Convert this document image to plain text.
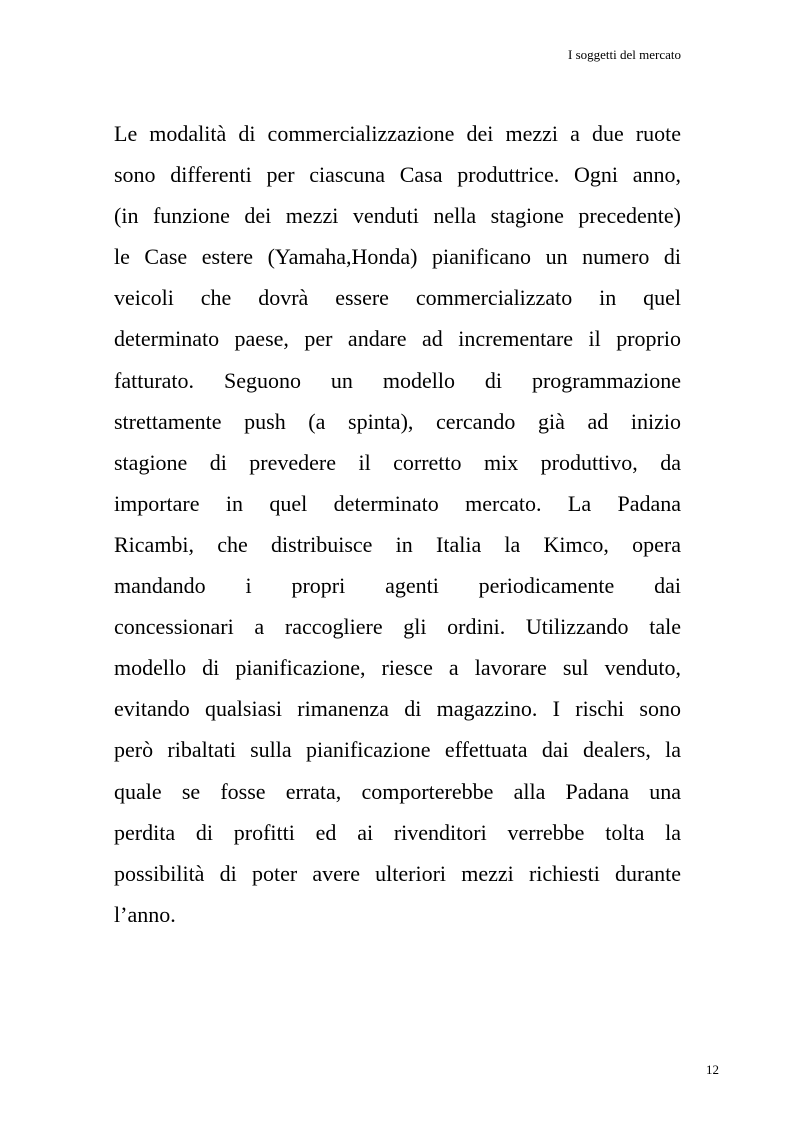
I soggetti del mercato
Le modalità di commercializzazione dei mezzi a due ruote
sono differenti per ciascuna Casa produttrice. Ogni anno,
(in funzione dei mezzi venduti nella stagione precedente)
le Case estere (Yamaha,Honda) pianificano un numero di
veicoli che dovrà essere commercializzato in quel
determinato paese, per andare ad incrementare il proprio
fatturato. Seguono un modello di programmazione
strettamente push (a spinta), cercando già ad inizio
stagione di prevedere il corretto mix produttivo, da
importare in quel determinato mercato. La Padana
Ricambi, che distribuisce in Italia la Kimco, opera
mandando i propri agenti periodicamente dai
concessionari a raccogliere gli ordini. Utilizzando tale
modello di pianificazione, riesce a lavorare sul venduto,
evitando qualsiasi rimanenza di magazzino. I rischi sono
però ribaltati sulla pianificazione effettuata dai dealers, la
quale se fosse errata, comporterebbe alla Padana una
perdita di profitti ed ai rivenditori verrebbe tolta la
possibilità di poter avere ulteriori mezzi richiesti durante
l’anno.
12
